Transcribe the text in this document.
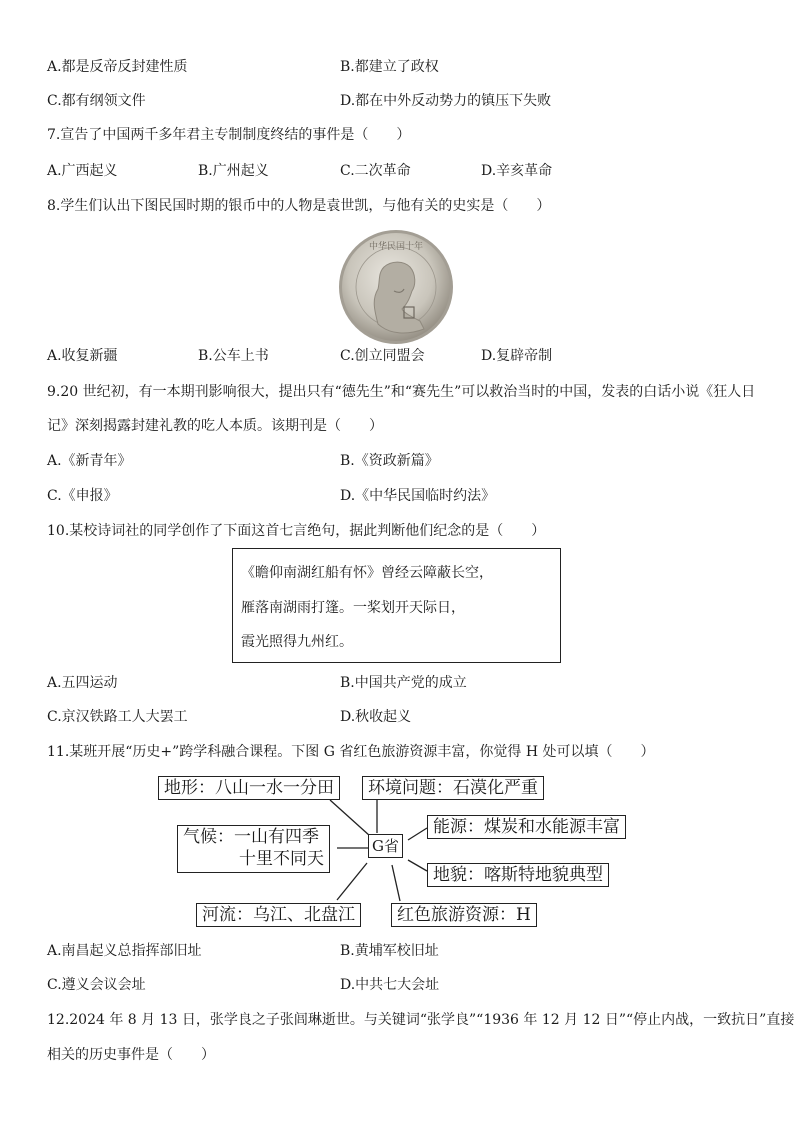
A.都是反帝反封建性质	B.都建立了政权
C.都有纲领文件	D.都在中外反动势力的镇压下失败
7.宣告了中国两千多年君主专制制度终结的事件是（　　）
A.广西起义	B.广州起义	C.二次革命	D.辛亥革命
8.学生们认出下图民国时期的银币中的人物是袁世凯，与他有关的史实是（　　）
中华民国十年
A.收复新疆	B.公车上书	C.创立同盟会	D.复辟帝制
9.20 世纪初，有一本期刊影响很大，提出只有“德先生”和“赛先生”可以救治当时的中国，发表的白话小说《狂人日
记》深刻揭露封建礼教的吃人本质。该期刊是（　　）
A.《新青年》	B.《资政新篇》
C.《申报》	D.《中华民国临时约法》
10.某校诗词社的同学创作了下面这首七言绝句，据此判断他们纪念的是（　　）
《瞻仰南湖红船有怀》曾经云障蔽长空，
雁落南湖雨打篷。一桨划开天际日，
霞光照得九州红。
A.五四运动	B.中国共产党的成立
C.京汉铁路工人大罢工	D.秋收起义
11.某班开展“历史+”跨学科融合课程。下图 G 省红色旅游资源丰富，你觉得 H 处可以填（　　）
地形：八山一水一分田	环境问题：石漠化严重
气候：一山有四季
十里不同天
G省
能源：煤炭和水能源丰富
地貌：喀斯特地貌典型
河流：乌江、北盘江	红色旅游资源：H
A.南昌起义总指挥部旧址	B.黄埔军校旧址
C.遵义会议会址	D.中共七大会址
12.2024 年 8 月 13 日，张学良之子张闾琳逝世。与关键词“张学良”“1936 年 12 月 12 日”“停止内战，一致抗日”直接
相关的历史事件是（　　）
